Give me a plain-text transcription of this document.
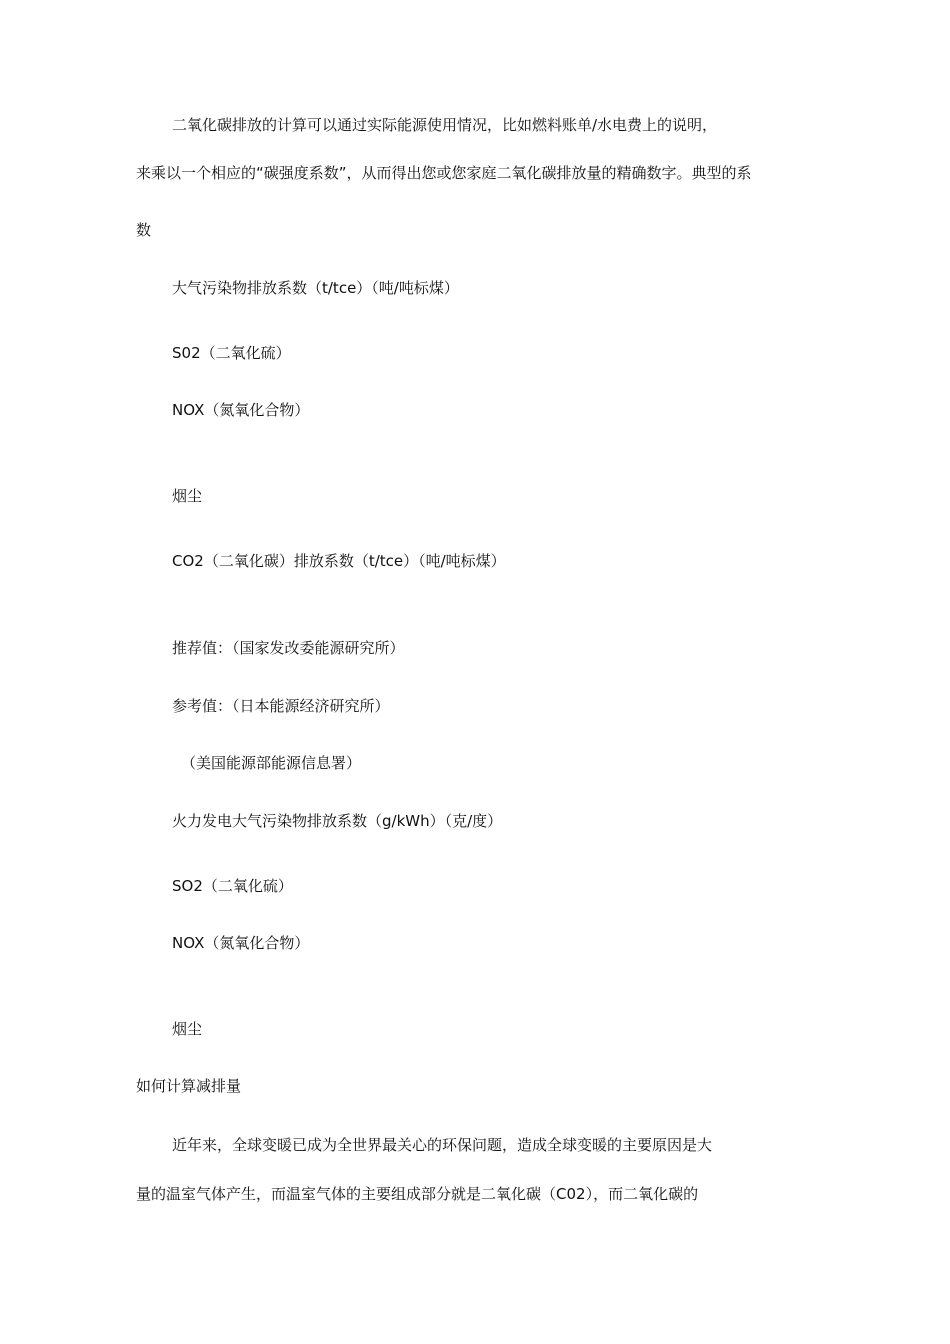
二氧化碳排放的计算可以通过实际能源使用情况，比如燃料账单/水电费上的说明，

来乘以一个相应的“碳强度系数”，从而得出您或您家庭二氧化碳排放量的精确数字。典型的系

数

大气污染物排放系数（t/tce）（吨/吨标煤）

S02（二氧化硫）

NOX（氮氧化合物）

烟尘

CO2（二氧化碳）排放系数（t/tce）（吨/吨标煤）

推荐值：（国家发改委能源研究所）

参考值：（日本能源经济研究所）

（美国能源部能源信息署）

火力发电大气污染物排放系数（g/kWh）（克/度）

SO2（二氧化硫）

NOX（氮氧化合物）

烟尘

如何计算减排量

近年来，全球变暖已成为全世界最关心的环保问题，造成全球变暖的主要原因是大

量的温室气体产生，而温室气体的主要组成部分就是二氧化碳（C02），而二氧化碳的
